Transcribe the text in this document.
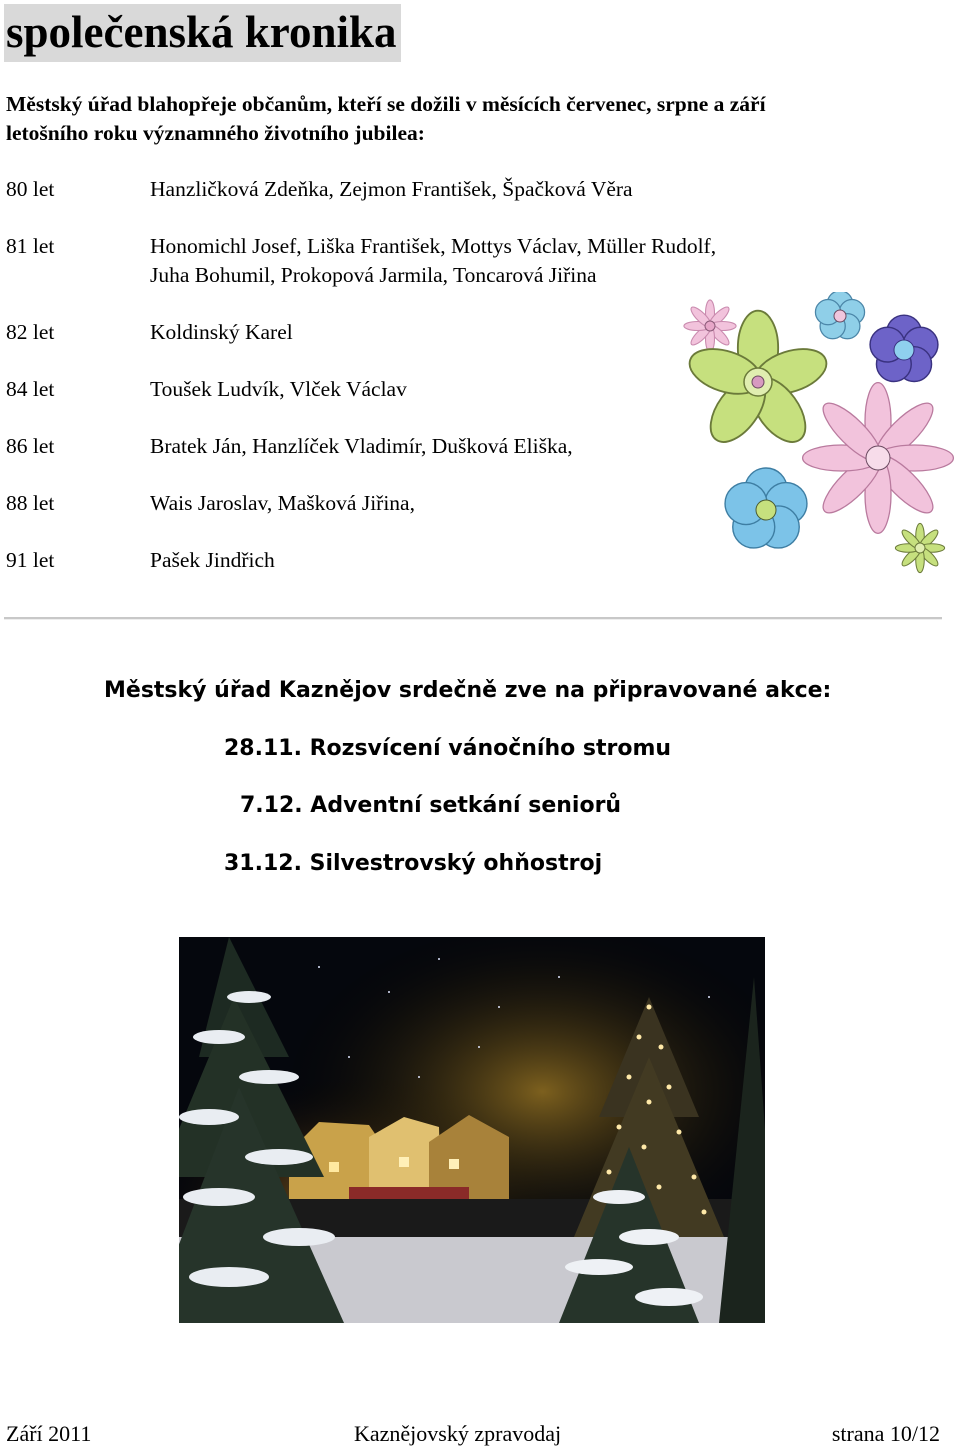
společenská kronika
Městský úřad blahopřeje občanům, kteří se dožili v měsících červenec, srpne a září
letošního roku významného životního jubilea:
80 let	Hanzličková Zdeňka, Zejmon František, Špačková Věra
81 let	Honomichl Josef, Liška František, Mottys Václav, Müller Rudolf,
Juha Bohumil, Prokopová Jarmila, Toncarová Jiřina
82 let	Koldinský Karel
84 let	Toušek Ludvík, Vlček Václav
86 let	Bratek Ján, Hanzlíček Vladimír, Dušková Eliška,
88 let	Wais Jaroslav, Mašková Jiřina,
91 let	Pašek Jindřich
Městský úřad Kaznějov srdečně zve na připravované akce:
28.11. Rozsvícení vánočního stromu
7.12. Adventní setkání seniorů
31.12. Silvestrovský ohňostroj
Září 2011	Kaznějovský zpravodaj	strana 10/12
